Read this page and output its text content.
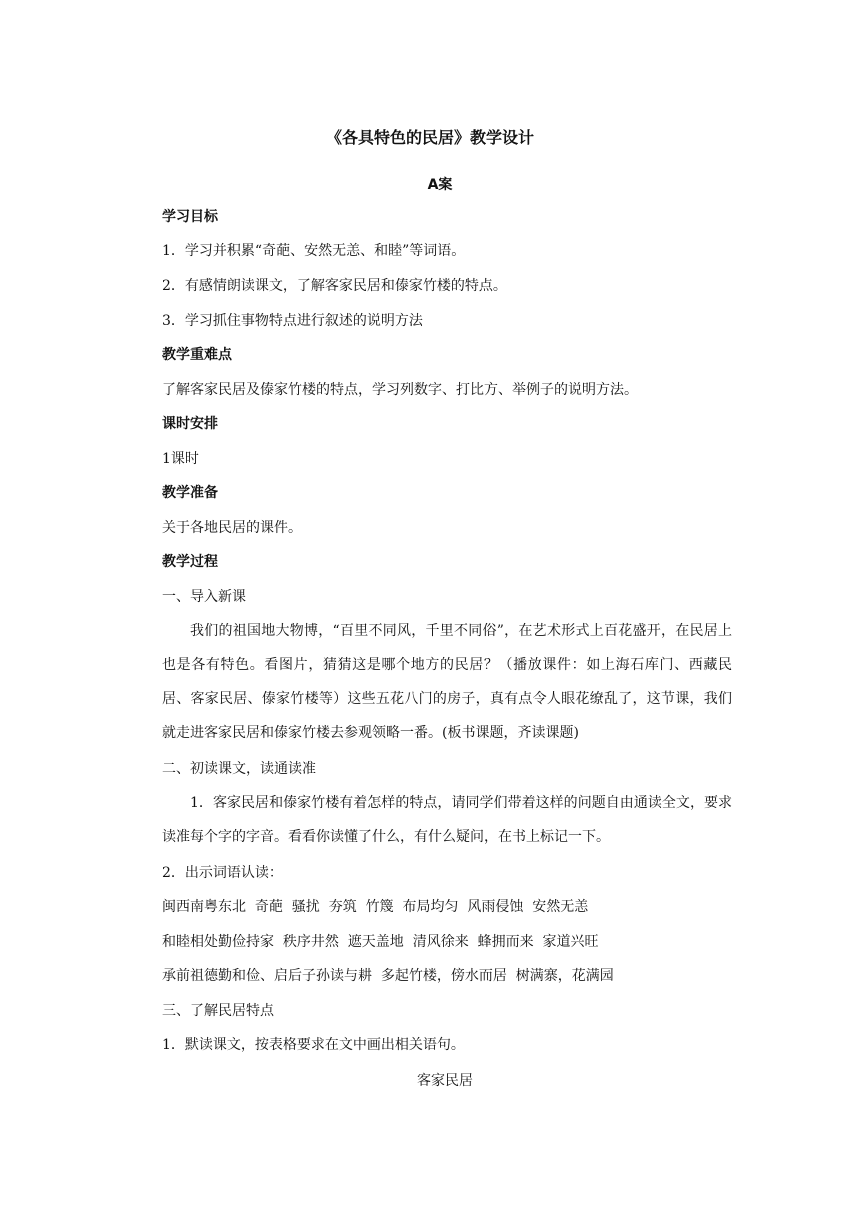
《各具特色的民居》教学设计
A案
学习目标
1．学习并积累“奇葩、安然无恙、和睦”等词语。
2．有感情朗读课文，了解客家民居和傣家竹楼的特点。
3．学习抓住事物特点进行叙述的说明方法
教学重难点
了解客家民居及傣家竹楼的特点，学习列数字、打比方、举例子的说明方法。
课时安排
1课时
教学准备
关于各地民居的课件。
教学过程
一、导入新课
我们的祖国地大物博，“百里不同风，千里不同俗”，在艺术形式上百花盛开，在民居上也是各有特色。看图片，猜猜这是哪个地方的民居？（播放课件：如上海石库门、西藏民居、客家民居、傣家竹楼等）这些五花八门的房子，真有点令人眼花缭乱了，这节课，我们就走进客家民居和傣家竹楼去参观领略一番。(板书课题，齐读课题)
二、初读课文，读通读准
1．客家民居和傣家竹楼有着怎样的特点，请同学们带着这样的问题自由通读全文，要求读准每个字的字音。看看你读懂了什么，有什么疑问，在书上标记一下。
2．出示词语认读：
闽西南粤东北  奇葩  骚扰  夯筑  竹篾  布局均匀  风雨侵蚀  安然无恙
和睦相处勤俭持家  秩序井然  遮天盖地  清风徐来  蜂拥而来  家道兴旺
承前祖德勤和俭、启后子孙读与耕  多起竹楼，傍水而居  树满寨，花满园
三、了解民居特点
1．默读课文，按表格要求在文中画出相关语句。
客家民居
